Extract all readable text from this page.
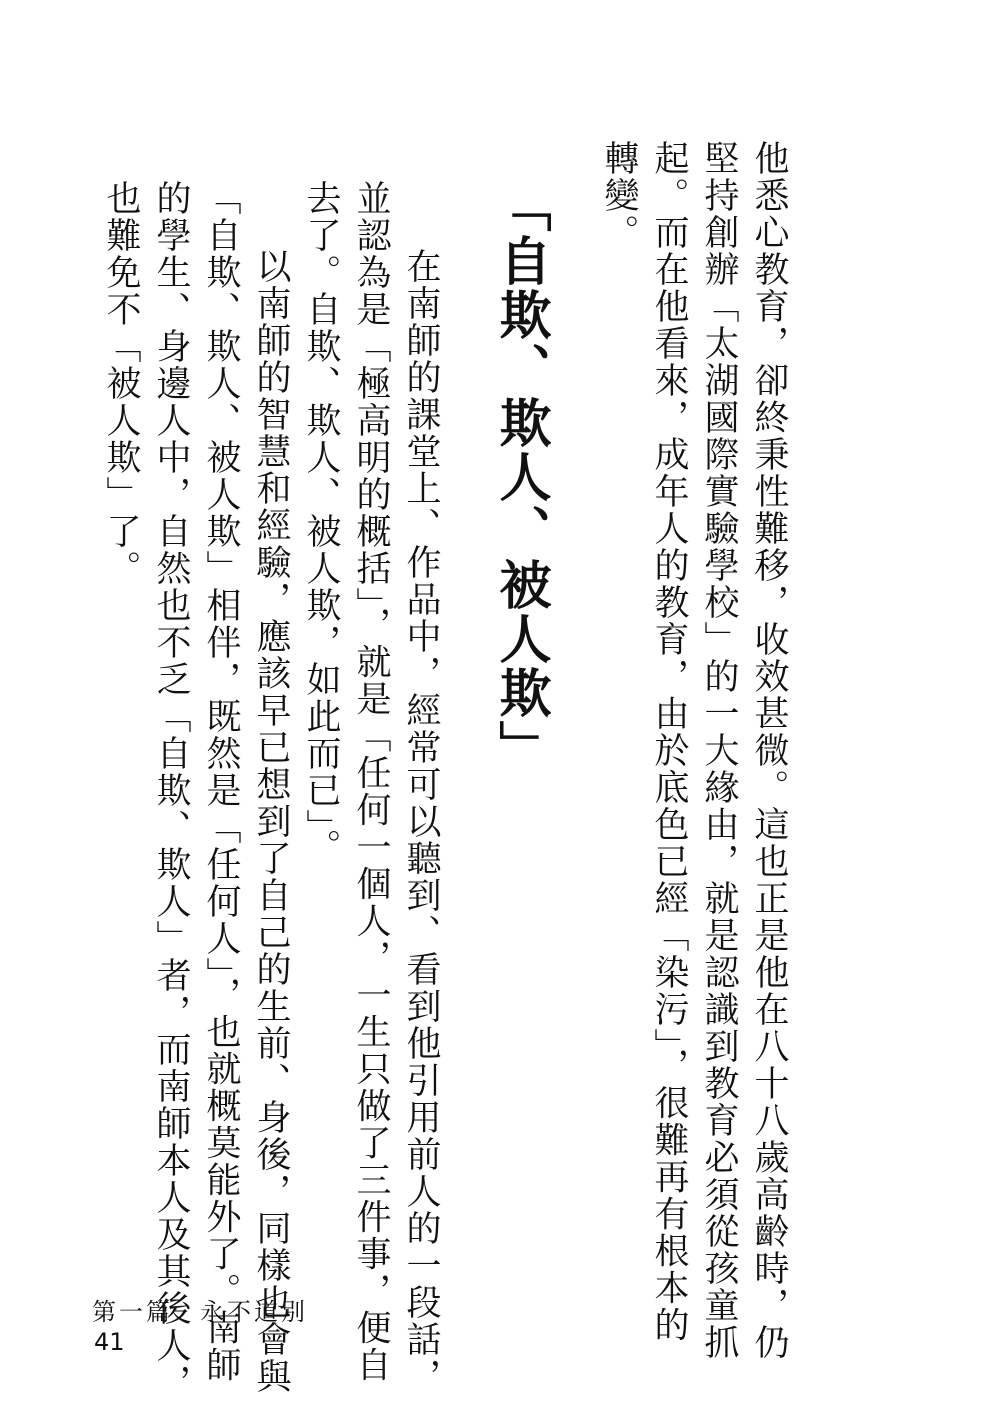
他悉心教育，卻終秉性難移，收效甚微。這也正是他在八十八歲高齡時，仍
堅持創辦「太湖國際實驗學校」的一大緣由，就是認識到教育必須從孩童抓
起。而在他看來，成年人的教育，由於底色已經「染污」，很難再有根本的
轉變。
「自欺、欺人、被人欺」
在南師的課堂上、作品中，經常可以聽到、看到他引用前人的一段話，
並認為是「極高明的概括」，就是「任何一個人，一生只做了三件事，便自
去了。自欺、欺人、被人欺，如此而已」。
以南師的智慧和經驗，應該早已想到了自己的生前、身後，同樣也會與
「自欺、欺人、被人欺」相伴，既然是「任何人」，也就概莫能外了。南師
的學生、身邊人中，自然也不乏「自欺、欺人」者，而南師本人及其後人，
也難免不「被人欺」了。
第一篇　永不道別
41
